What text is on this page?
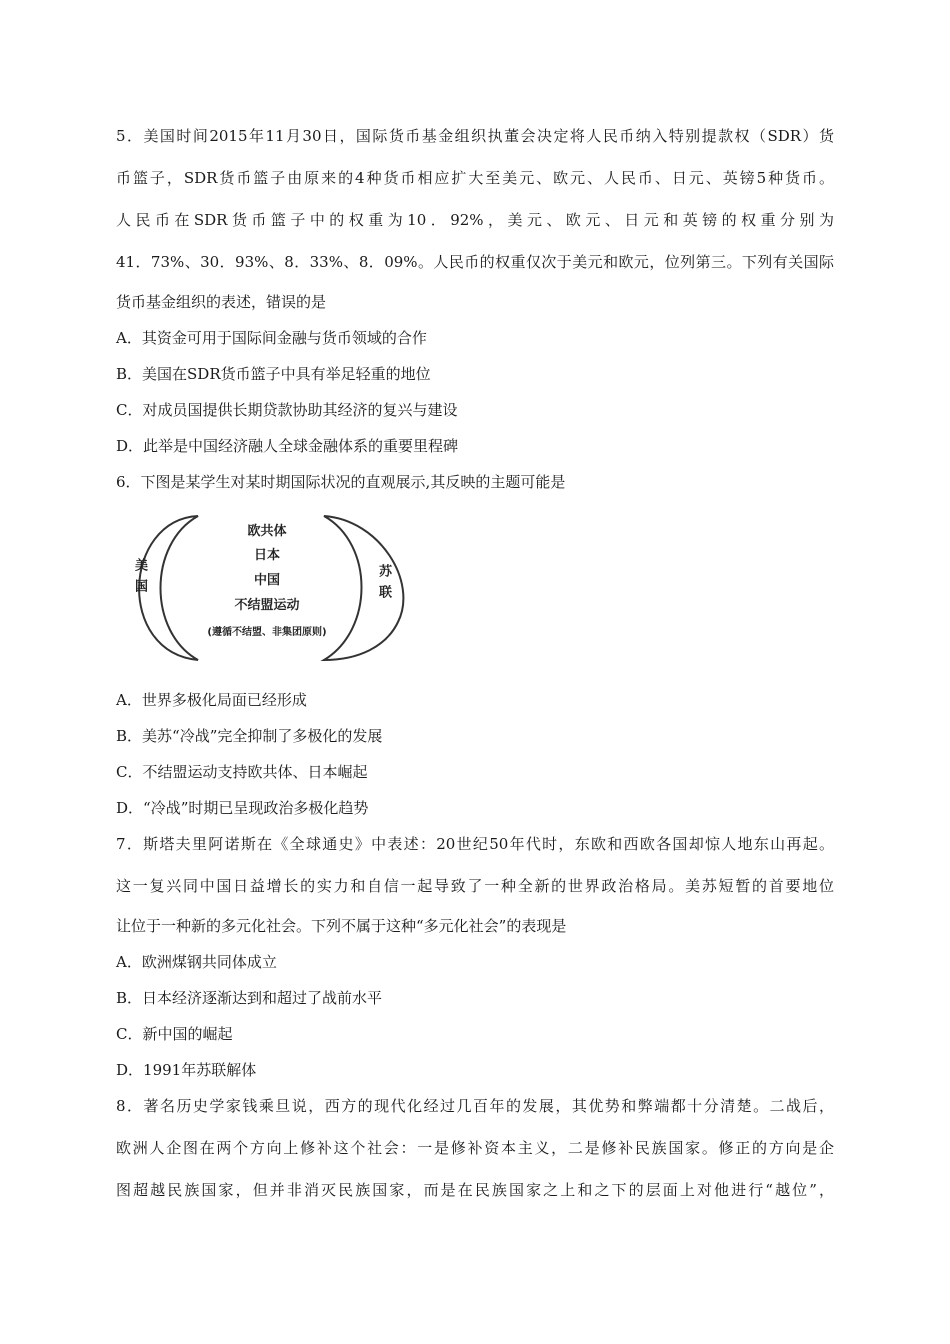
5．美国时间2015年11月30日，国际货币基金组织执董会决定将人民币纳入特别提款权（SDR）货
币篮子，SDR货币篮子由原来的4种货币相应扩大至美元、欧元、人民币、日元、英镑5种货币。
人民币在SDR货币篮子中的权重为10．92%，美元、欧元、日元和英镑的权重分别为
41．73%、30．93%、8．33%、8．09%。人民币的权重仅次于美元和欧元，位列第三。下列有关国际
货币基金组织的表述，错误的是
A．其资金可用于国际间金融与货币领域的合作
B．美国在SDR货币篮子中具有举足轻重的地位
C．对成员国提供长期贷款协助其经济的复兴与建设
D．此举是中国经济融人全球金融体系的重要里程碑
6．下图是某学生对某时期国际状况的直观展示,其反映的主题可能是
美国	苏联
欧共体
日本
中国
不结盟运动
(遵循不结盟、非集团原则)
A．世界多极化局面已经形成
B．美苏“冷战”完全抑制了多极化的发展
C．不结盟运动支持欧共体、日本崛起
D．“冷战”时期已呈现政治多极化趋势
7．斯塔夫里阿诺斯在《全球通史》中表述：20世纪50年代时，东欧和西欧各国却惊人地东山再起。
这一复兴同中国日益增长的实力和自信一起导致了一种全新的世界政治格局。美苏短暂的首要地位
让位于一种新的多元化社会。下列不属于这种“多元化社会”的表现是
A．欧洲煤钢共同体成立
B．日本经济逐渐达到和超过了战前水平
C．新中国的崛起
D．1991年苏联解体
8．著名历史学家钱乘旦说，西方的现代化经过几百年的发展，其优势和弊端都十分清楚。二战后，
欧洲人企图在两个方向上修补这个社会：一是修补资本主义，二是修补民族国家。修正的方向是企
图超越民族国家，但并非消灭民族国家，而是在民族国家之上和之下的层面上对他进行“越位”，
